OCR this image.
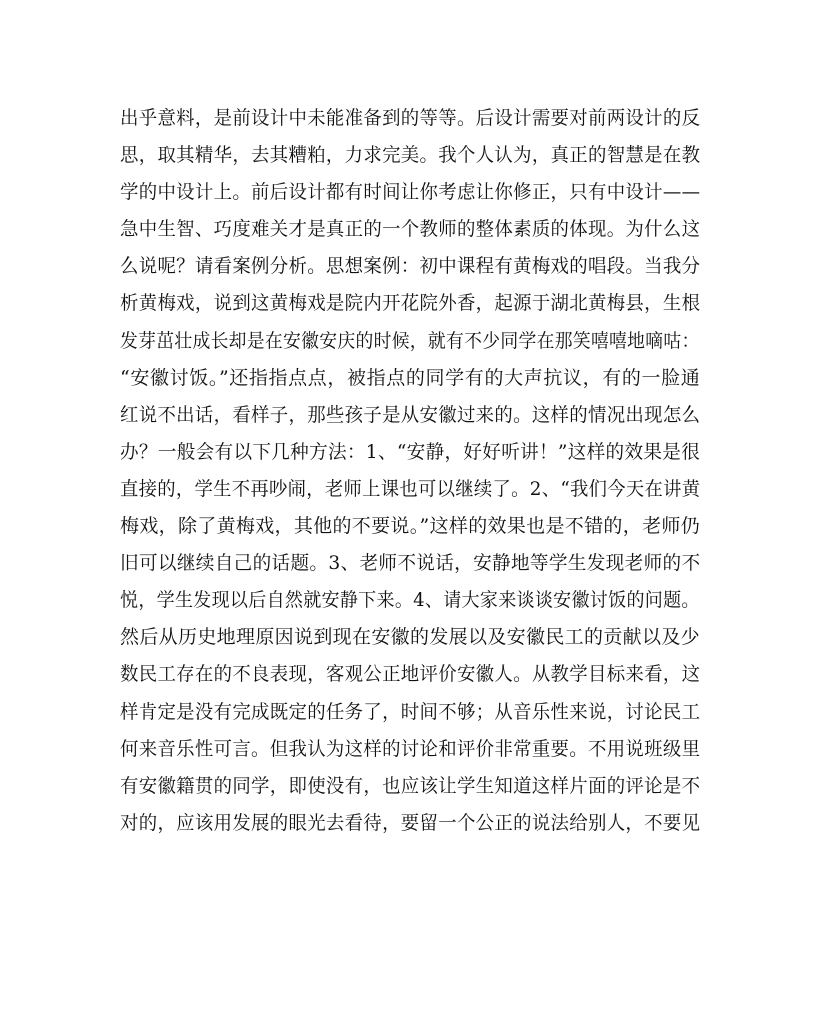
出乎意料，是前设计中未能准备到的等等。后设计需要对前两设计的反
思，取其精华，去其糟粕，力求完美。我个人认为，真正的智慧是在教
学的中设计上。前后设计都有时间让你考虑让你修正，只有中设计——
急中生智、巧度难关才是真正的一个教师的整体素质的体现。为什么这
么说呢？请看案例分析。思想案例：初中课程有黄梅戏的唱段。当我分
析黄梅戏，说到这黄梅戏是院内开花院外香，起源于湖北黄梅县，生根
发芽茁壮成长却是在安徽安庆的时候，就有不少同学在那笑嘻嘻地嘀咕：
“安徽讨饭。”还指指点点，被指点的同学有的大声抗议，有的一脸通
红说不出话，看样子，那些孩子是从安徽过来的。这样的情况出现怎么
办？一般会有以下几种方法：1、“安静，好好听讲！”这样的效果是很
直接的，学生不再吵闹，老师上课也可以继续了。2、“我们今天在讲黄
梅戏，除了黄梅戏，其他的不要说。”这样的效果也是不错的，老师仍
旧可以继续自己的话题。3、老师不说话，安静地等学生发现老师的不
悦，学生发现以后自然就安静下来。4、请大家来谈谈安徽讨饭的问题。
然后从历史地理原因说到现在安徽的发展以及安徽民工的贡献以及少
数民工存在的不良表现，客观公正地评价安徽人。从教学目标来看，这
样肯定是没有完成既定的任务了，时间不够；从音乐性来说，讨论民工
何来音乐性可言。但我认为这样的讨论和评价非常重要。不用说班级里
有安徽籍贯的同学，即使没有，也应该让学生知道这样片面的评论是不
对的，应该用发展的眼光去看待，要留一个公正的说法给别人，不要见
